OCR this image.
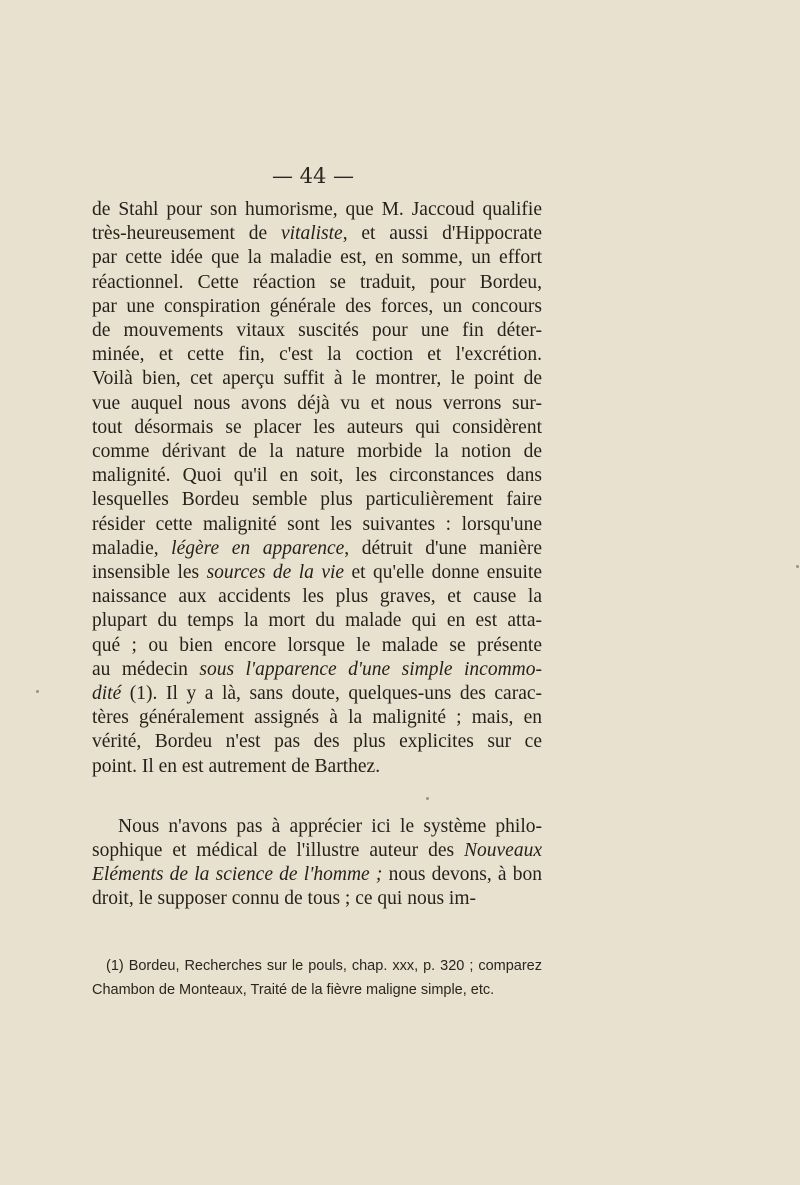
— 44 —
de Stahl pour son humorisme, que M. Jaccoud qualifie
très-heureusement de vitaliste, et aussi d'Hippocrate
par cette idée que la maladie est, en somme, un effort
réactionnel. Cette réaction se traduit, pour Bordeu,
par une conspiration générale des forces, un concours
de mouvements vitaux suscités pour une fin déter-
minée, et cette fin, c'est la coction et l'excrétion.
Voilà bien, cet aperçu suffit à le montrer, le point de
vue auquel nous avons déjà vu et nous verrons sur-
tout désormais se placer les auteurs qui considèrent
comme dérivant de la nature morbide la notion de
malignité. Quoi qu'il en soit, les circonstances dans
lesquelles Bordeu semble plus particulièrement faire
résider cette malignité sont les suivantes : lorsqu'une
maladie, légère en apparence, détruit d'une manière
insensible les sources de la vie et qu'elle donne ensuite
naissance aux accidents les plus graves, et cause la
plupart du temps la mort du malade qui en est atta-
qué ; ou bien encore lorsque le malade se présente
au médecin sous l'apparence d'une simple incommo-
dité (1). Il y a là, sans doute, quelques-uns des carac-
tères généralement assignés à la malignité ; mais, en
vérité, Bordeu n'est pas des plus explicites sur ce
point. Il en est autrement de Barthez.
Nous n'avons pas à apprécier ici le système philo-
sophique et médical de l'illustre auteur des Nouveaux
Eléments de la science de l'homme ; nous devons, à bon
droit, le supposer connu de tous ; ce qui nous im-
(1) Bordeu, Recherches sur le pouls, chap. xxx, p. 320 ; comparez
Chambon de Monteaux, Traité de la fièvre maligne simple, etc.
